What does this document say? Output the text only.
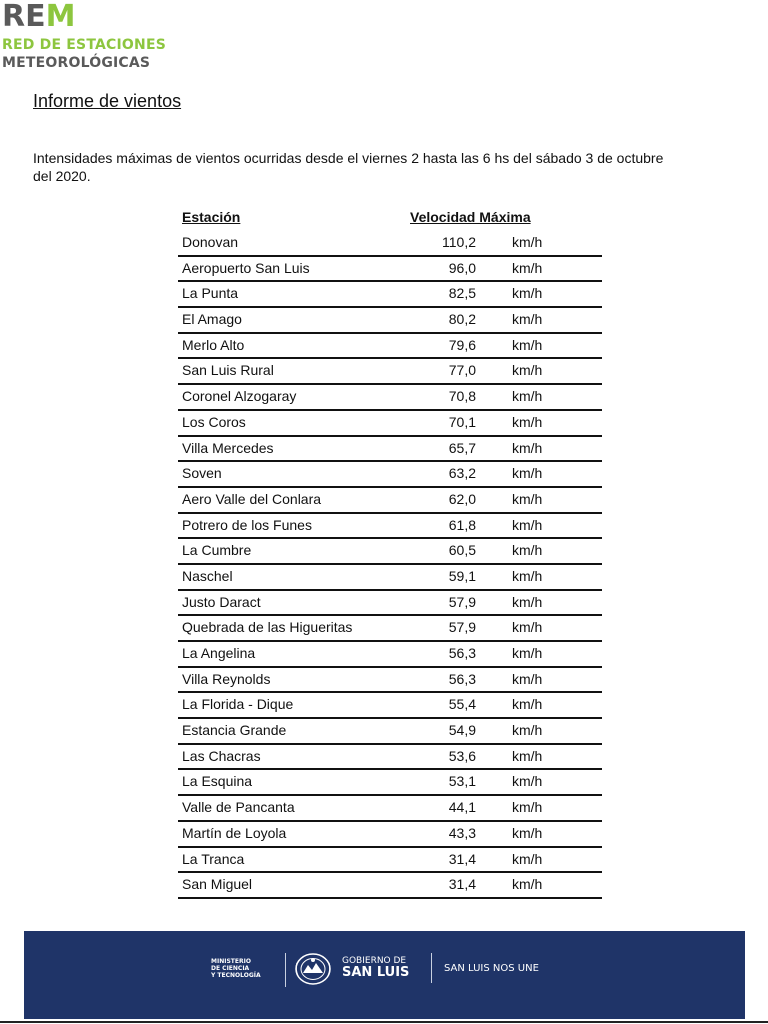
REM
RED DE ESTACIONES
METEOROLÓGICAS
Informe de vientos
Intensidades máximas de vientos ocurridas desde el viernes 2 hasta las 6 hs del sábado 3 de octubre del 2020.
Estación	Velocidad Máxima
Donovan	110,2	km/h
Aeropuerto San Luis	96,0	km/h
La Punta	82,5	km/h
El Amago	80,2	km/h
Merlo Alto	79,6	km/h
San Luis Rural	77,0	km/h
Coronel Alzogaray	70,8	km/h
Los Coros	70,1	km/h
Villa Mercedes	65,7	km/h
Soven	63,2	km/h
Aero Valle del Conlara	62,0	km/h
Potrero de los Funes	61,8	km/h
La Cumbre	60,5	km/h
Naschel	59,1	km/h
Justo Daract	57,9	km/h
Quebrada de las Higueritas	57,9	km/h
La Angelina	56,3	km/h
Villa Reynolds	56,3	km/h
La Florida - Dique	55,4	km/h
Estancia Grande	54,9	km/h
Las Chacras	53,6	km/h
La Esquina	53,1	km/h
Valle de Pancanta	44,1	km/h
Martín de Loyola	43,3	km/h
La Tranca	31,4	km/h
San Miguel	31,4	km/h
MINISTERIO
DE CIENCIA
Y TECNOLOGÍA
GOBIERNO DE
SAN LUIS	SAN LUIS NOS UNE
